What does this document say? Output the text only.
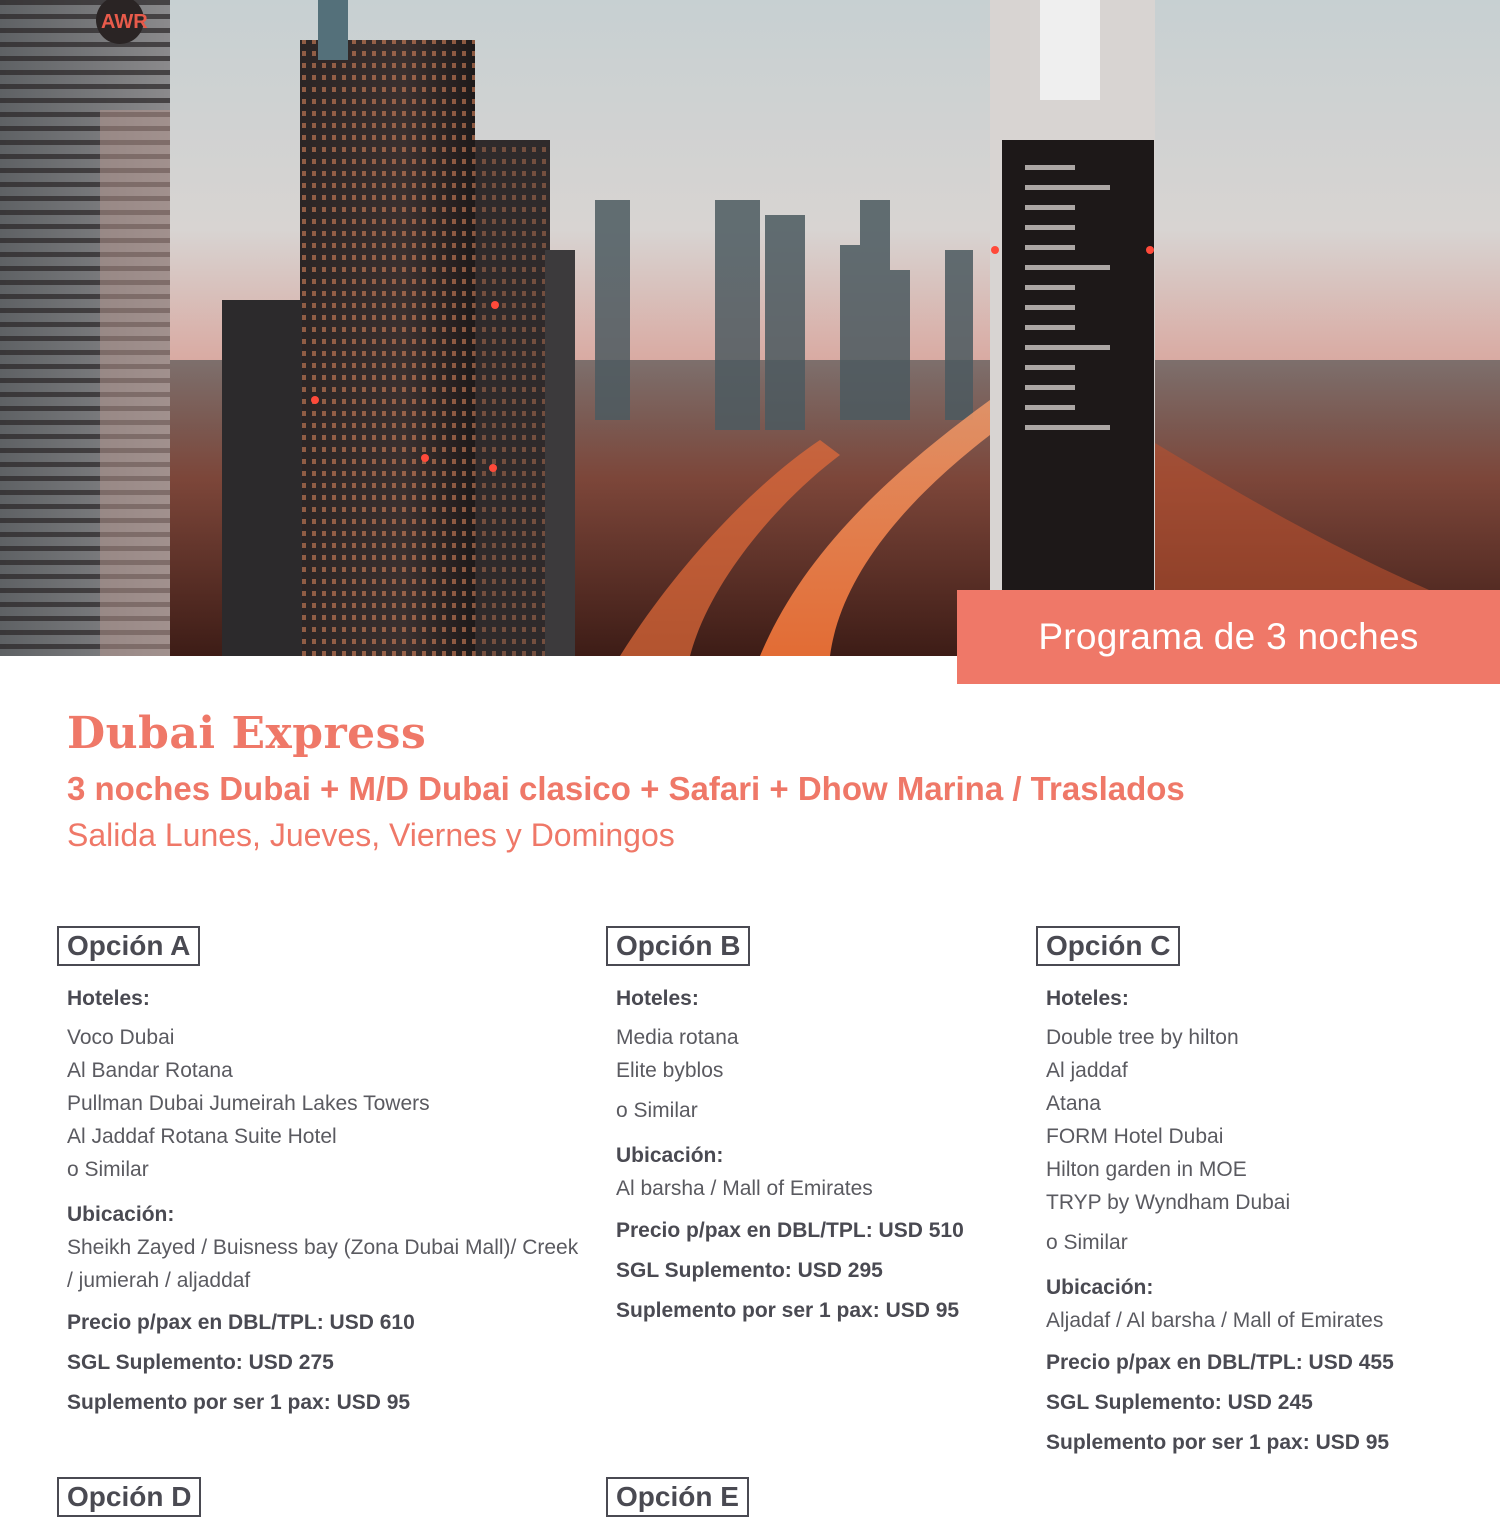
AWR
Programa de 3 noches
Dubai Express
3 noches Dubai + M/D Dubai clasico + Safari + Dhow Marina / Traslados

Salida Lunes, Jueves, Viernes y Domingos

Opción A

Hoteles:

Voco Dubai
Al Bandar Rotana
Pullman Dubai Jumeirah Lakes Towers
Al Jaddaf Rotana Suite Hotel
o Similar

Ubicación:

Sheikh Zayed / Buisness bay (Zona Dubai Mall)/ Creek / jumierah / aljaddaf
Precio p/pax en DBL/TPL: USD 610
SGL Suplemento: USD 275
Suplemento por ser 1 pax: USD 95
Opción B

Hoteles:

Media rotana
Elite byblos
o Similar

Ubicación:

Al barsha / Mall of Emirates
Precio p/pax en DBL/TPL: USD 510
SGL Suplemento: USD 295
Suplemento por ser 1 pax: USD 95
Opción C

Hoteles:

Double tree by hilton
Al jaddaf
Atana
FORM Hotel Dubai
Hilton garden in MOE
TRYP by Wyndham Dubai
o Similar

Ubicación:

Aljadaf / Al barsha / Mall of Emirates
Precio p/pax en DBL/TPL: USD 455
SGL Suplemento: USD 245
Suplemento por ser 1 pax: USD 95
Opción D	Opción E
